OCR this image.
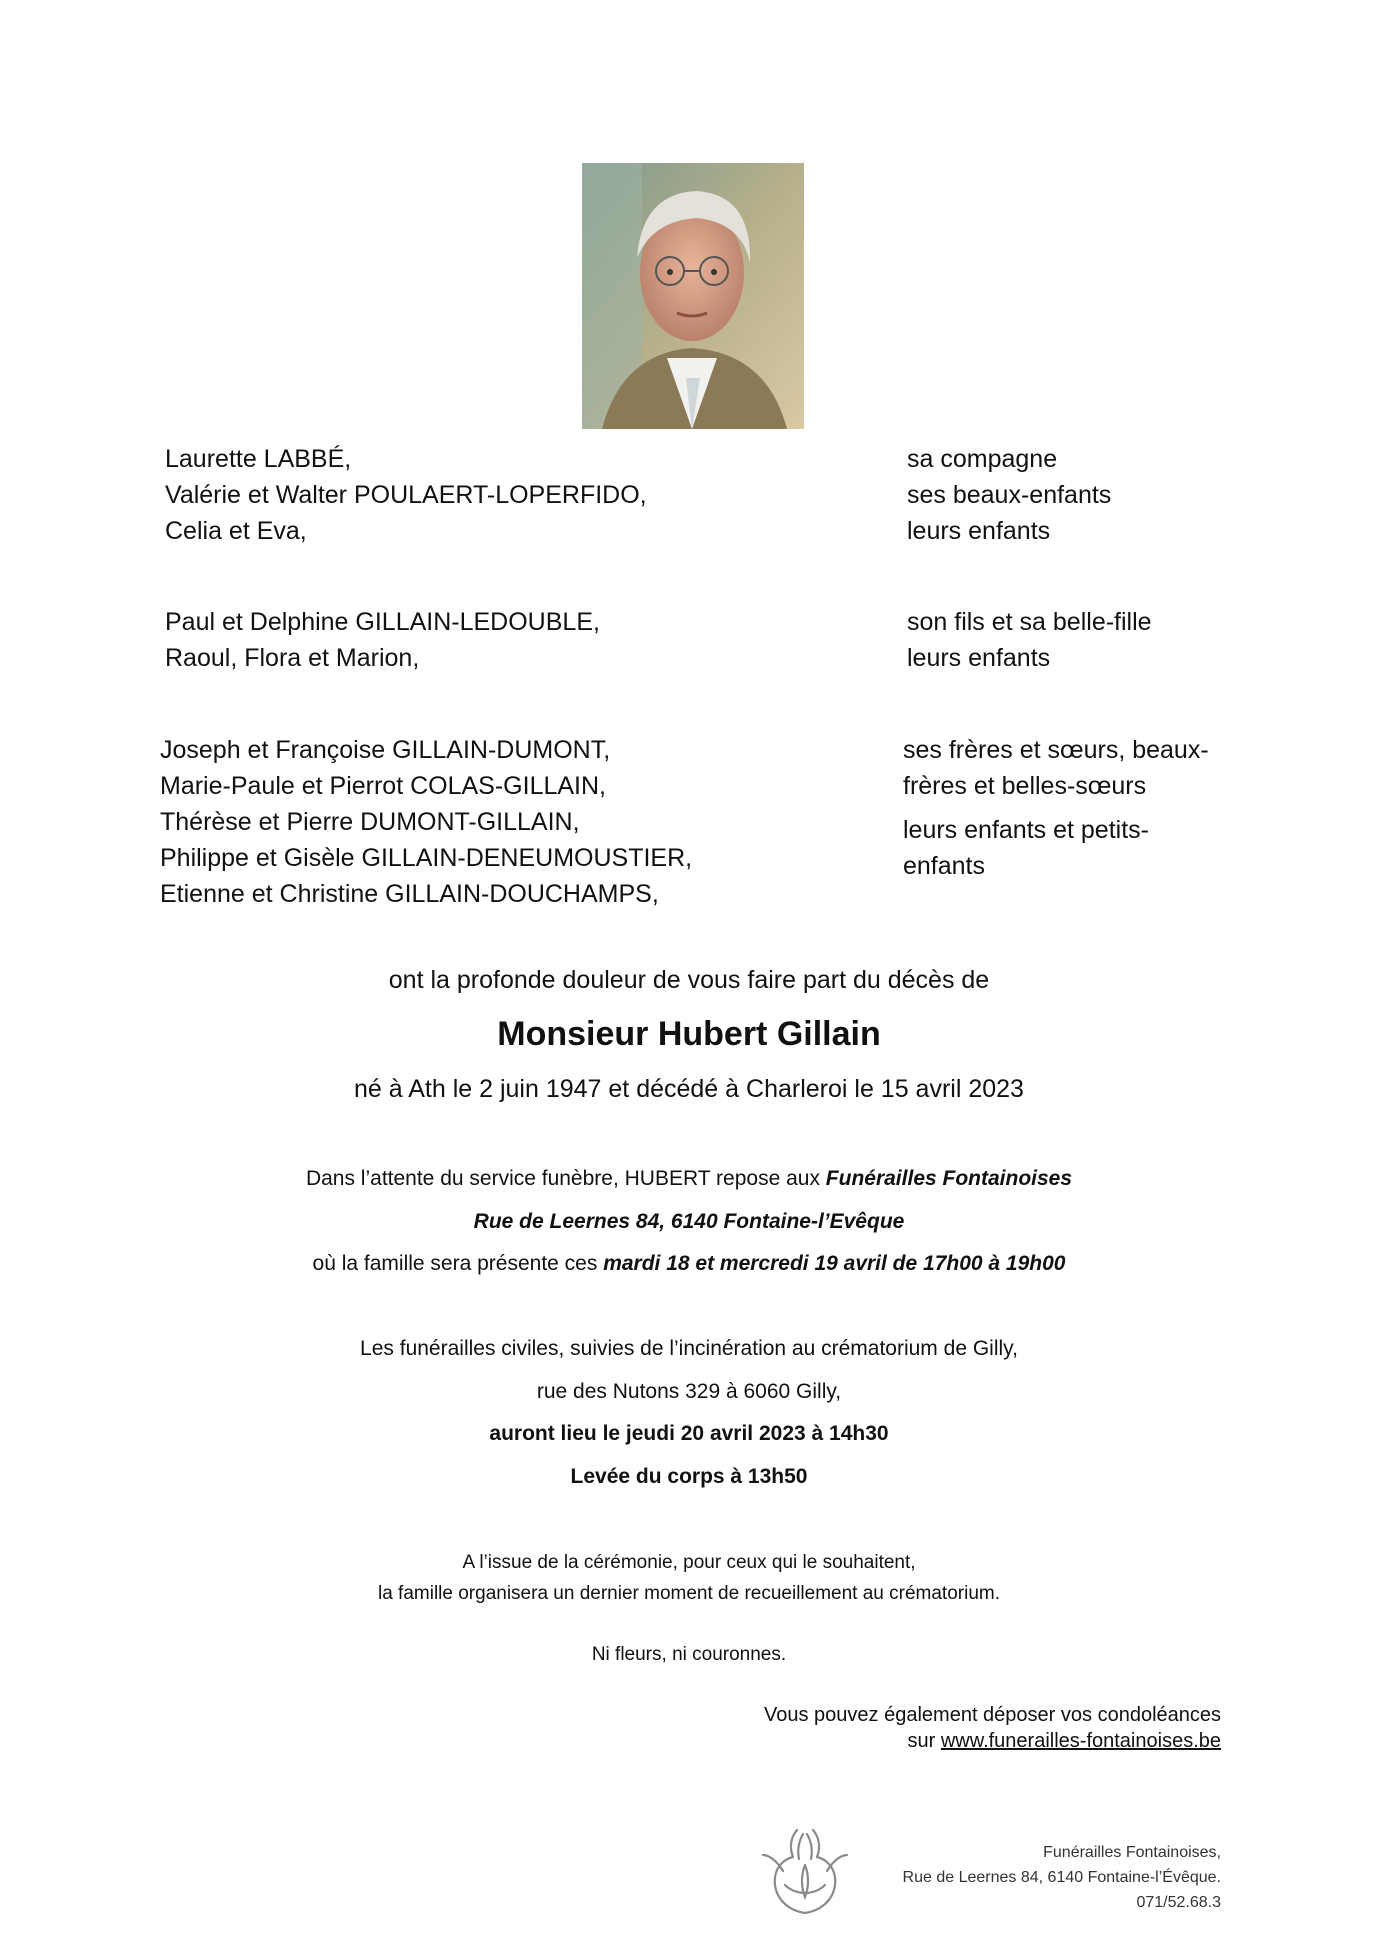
Laurette LABBÉ,
Valérie et Walter POULAERT-LOPERFIDO,
Celia et Eva,
sa compagne
ses beaux-enfants
leurs enfants
Paul et Delphine GILLAIN-LEDOUBLE,
Raoul, Flora et Marion,
son fils et sa belle-fille
leurs enfants
Joseph et Françoise GILLAIN-DUMONT,
Marie-Paule et Pierrot COLAS-GILLAIN,
Thérèse et Pierre DUMONT-GILLAIN,
Philippe et Gisèle GILLAIN-DENEUMOUSTIER,
Etienne et Christine GILLAIN-DOUCHAMPS,
ses frères et sœurs, beaux-
frères et belles-sœurs
leurs enfants et petits-
enfants
ont la profonde douleur de vous faire part du décès de
Monsieur Hubert Gillain
né à Ath le 2 juin 1947 et décédé à Charleroi le 15 avril 2023
Dans l’attente du service funèbre, HUBERT repose aux Funérailles Fontainoises
Rue de Leernes 84, 6140 Fontaine-l’Evêque
où la famille sera présente ces mardi 18 et mercredi 19 avril de 17h00 à 19h00
Les funérailles civiles, suivies de l’incinération au crématorium de Gilly,
rue des Nutons 329 à 6060 Gilly,
auront lieu le jeudi 20 avril 2023 à 14h30
Levée du corps à 13h50
A l’issue de la cérémonie, pour ceux qui le souhaitent,
la famille organisera un dernier moment de recueillement au crématorium.
Ni fleurs, ni couronnes.
Vous pouvez également déposer vos condoléances
sur www.funerailles-fontainoises.be
Funérailles Fontainoises,
Rue de Leernes 84, 6140 Fontaine-l’Évêque.
071/52.68.3
